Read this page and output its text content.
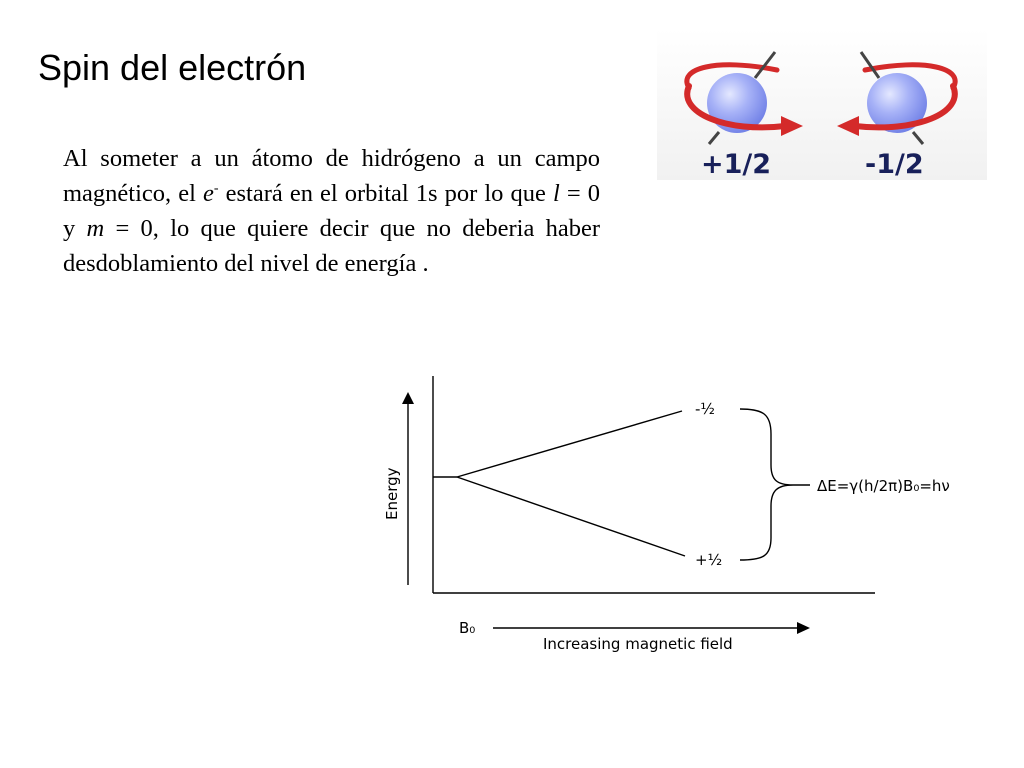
Spin del electrón

Al someter a un átomo de hidrógeno a un campo magnético, el e- estará en el orbital 1s por lo que l = 0 y m = 0, lo que quiere decir que no deberia haber desdoblamiento del nivel de energía .

+1/2	-1/2
Energy
-½
+½
ΔE=γ(h/2π)B₀=hν
B₀
Increasing magnetic field
